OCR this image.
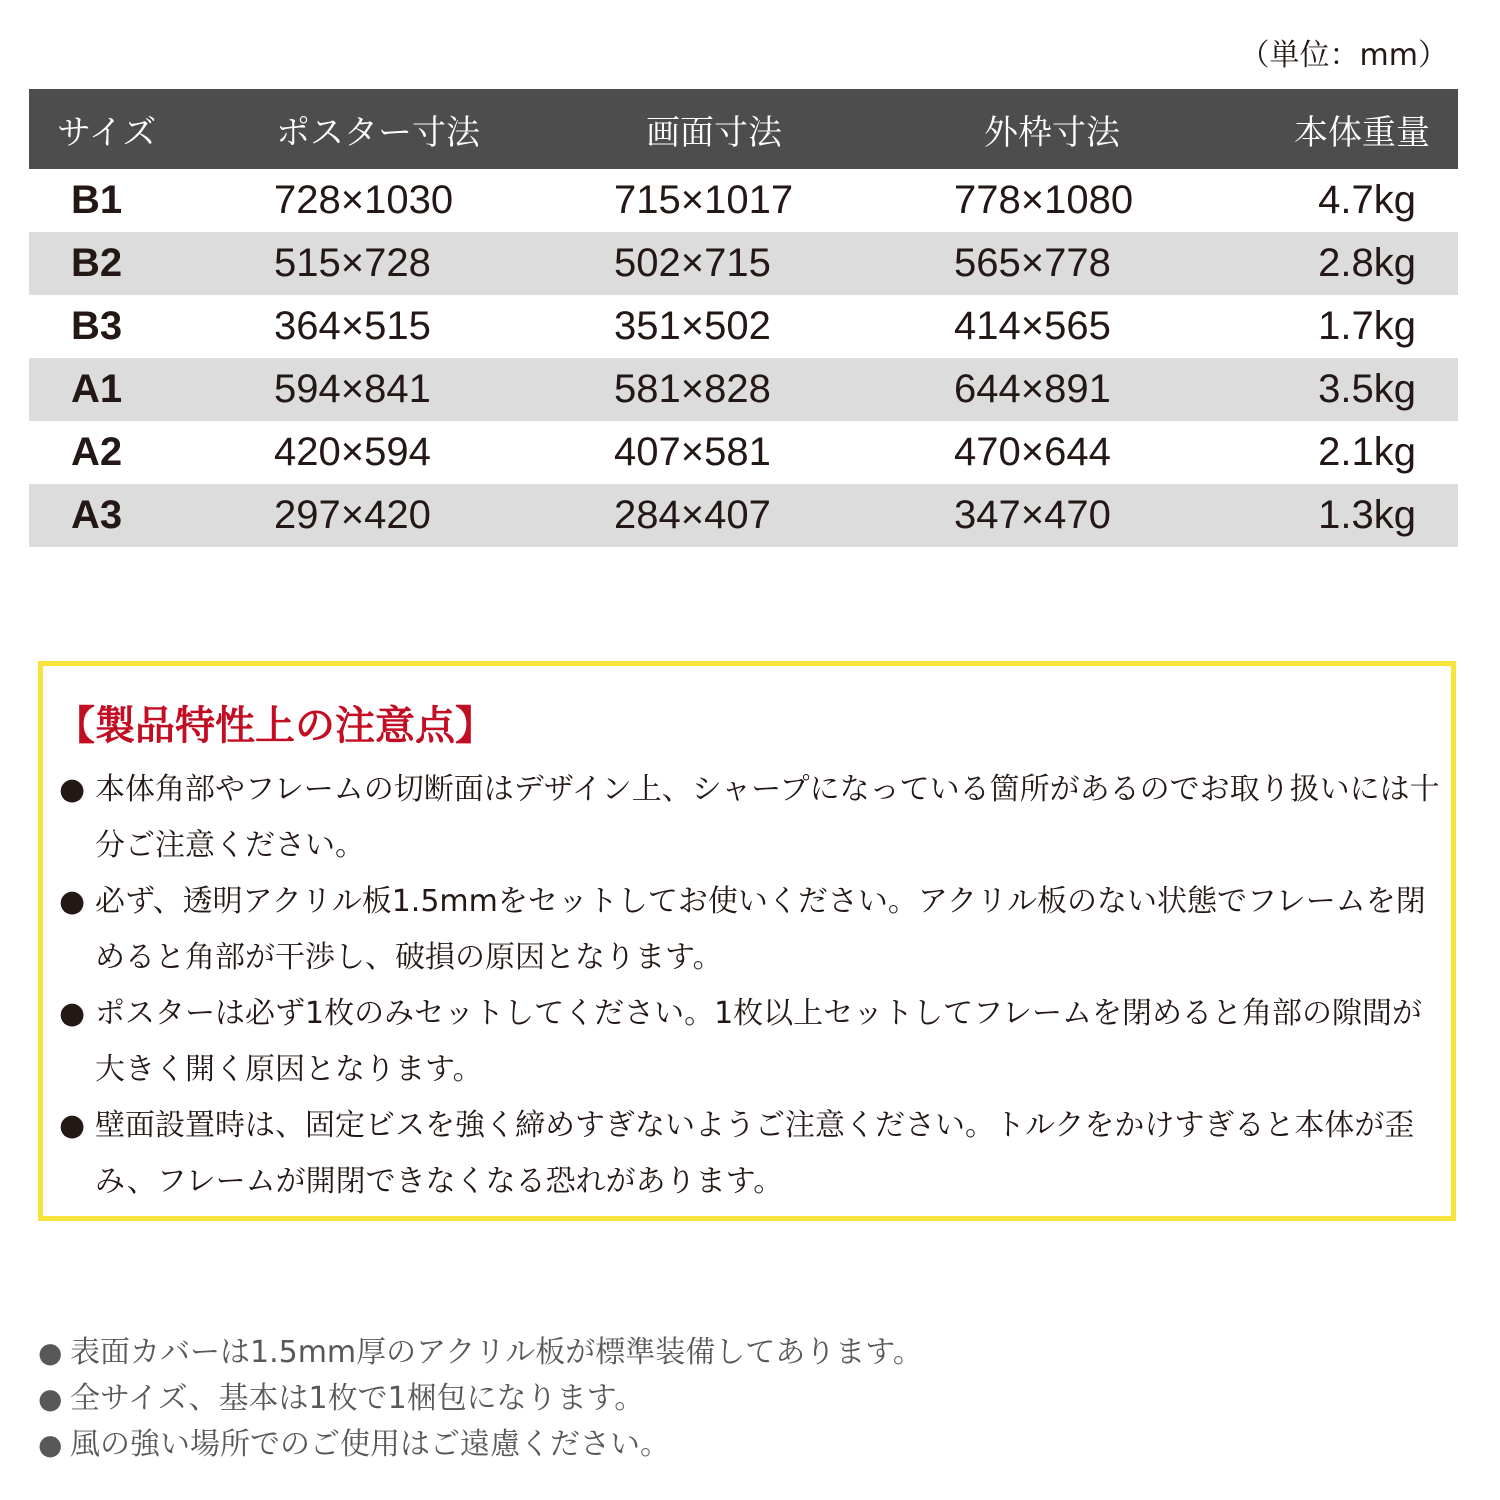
（単位：mm）
サイズ	ポスター寸法	画面寸法	外枠寸法	本体重量
B1	728×1030	715×1017	778×1080	4.7kg
B2	515×728	502×715	565×778	2.8kg
B3	364×515	351×502	414×565	1.7kg
A1	594×841	581×828	644×891	3.5kg
A2	420×594	407×581	470×644	2.1kg
A3	297×420	284×407	347×470	1.3kg
【製品特性上の注意点】
● 本体角部やフレームの切断面はデザイン上、シャープになっている箇所があるのでお取り扱いには十分ご注意ください。
● 必ず、透明アクリル板1.5mmをセットしてお使いください。アクリル板のない状態でフレームを閉めると角部が干渉し、破損の原因となります。
● ポスターは必ず1枚のみセットしてください。1枚以上セットしてフレームを閉めると角部の隙間が大きく開く原因となります。
● 壁面設置時は、固定ビスを強く締めすぎないようご注意ください。トルクをかけすぎると本体が歪み、フレームが開閉できなくなる恐れがあります。
● 表面カバーは1.5mm厚のアクリル板が標準装備してあります。
● 全サイズ、基本は1枚で1梱包になります。
● 風の強い場所でのご使用はご遠慮ください。
